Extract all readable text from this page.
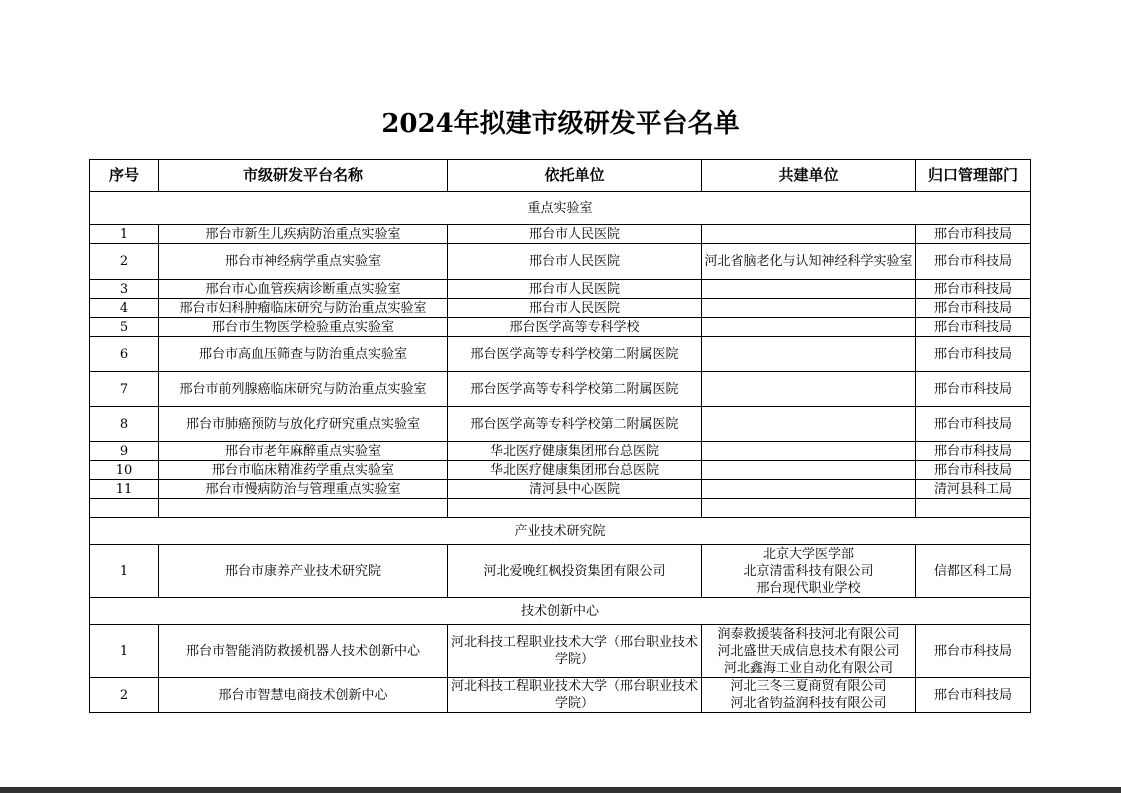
2024年拟建市级研发平台名单
序号	市级研发平台名称	依托单位	共建单位	归口管理部门
重点实验室				
1	邢台市新生儿疾病防治重点实验室	邢台市人民医院		邢台市科技局
2	邢台市神经病学重点实验室	邢台市人民医院	河北省脑老化与认知神经科学实验室	邢台市科技局
3	邢台市心血管疾病诊断重点实验室	邢台市人民医院		邢台市科技局
4	邢台市妇科肿瘤临床研究与防治重点实验室	邢台市人民医院		邢台市科技局
5	邢台市生物医学检验重点实验室	邢台医学高等专科学校		邢台市科技局
6	邢台市高血压筛查与防治重点实验室	邢台医学高等专科学校第二附属医院		邢台市科技局
7	邢台市前列腺癌临床研究与防治重点实验室	邢台医学高等专科学校第二附属医院		邢台市科技局
8	邢台市肺癌预防与放化疗研究重点实验室	邢台医学高等专科学校第二附属医院		邢台市科技局
9	邢台市老年麻醉重点实验室	华北医疗健康集团邢台总医院		邢台市科技局
10	邢台市临床精准药学重点实验室	华北医疗健康集团邢台总医院		邢台市科技局
11	邢台市慢病防治与管理重点实验室	清河县中心医院		清河县科工局

产业技术研究院				
1	邢台市康养产业技术研究院	河北爱晚红枫投资集团有限公司	北京大学医学部
北京清雷科技有限公司
邢台现代职业学校	信都区科工局
技术创新中心				
1	邢台市智能消防救援机器人技术创新中心	河北科技工程职业技术大学（邢台职业技术学院）	润泰救援装备科技河北有限公司
河北盛世天成信息技术有限公司
河北鑫海工业自动化有限公司	邢台市科技局
2	邢台市智慧电商技术创新中心	河北科技工程职业技术大学（邢台职业技术学院）	河北三冬三夏商贸有限公司
河北省钧益润科技有限公司	邢台市科技局
